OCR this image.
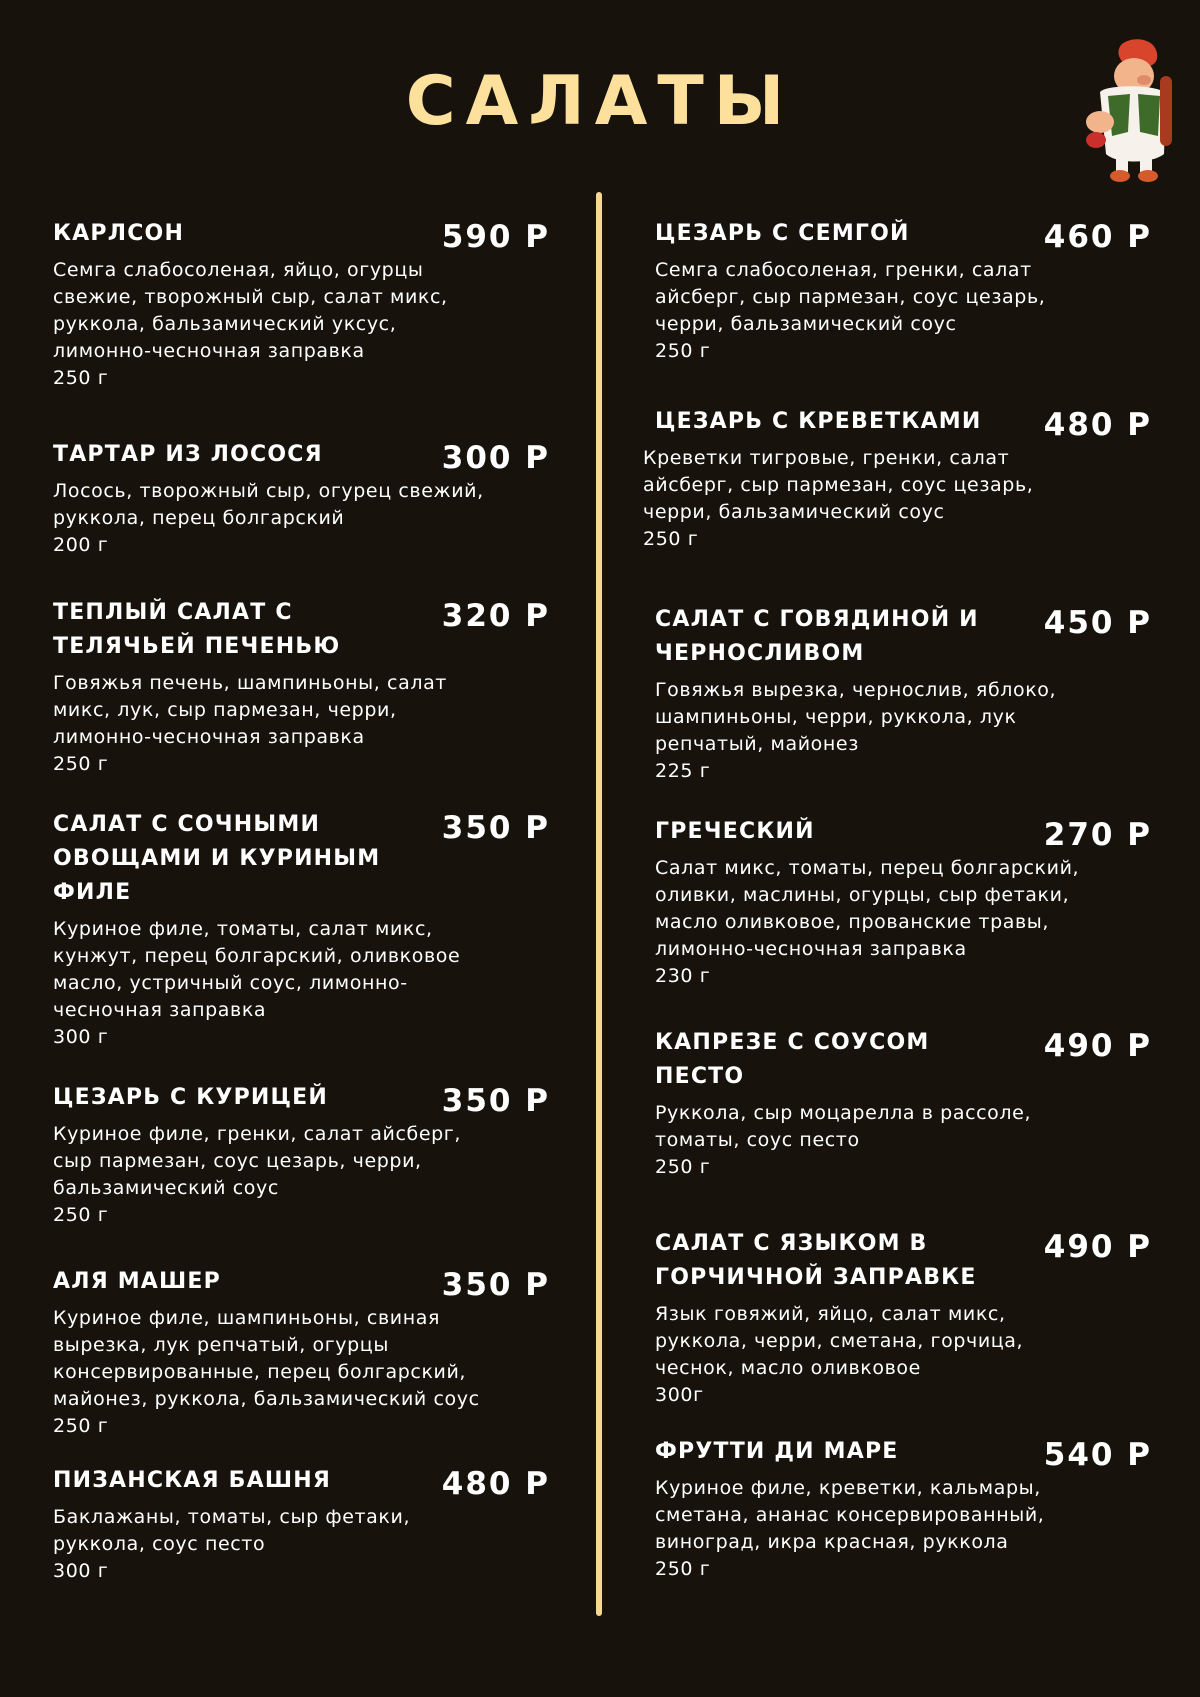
САЛАТЫ
КАРЛСОН	590 Р
Семга слабосоленая, яйцо, огурцы
свежие, творожный сыр, салат микс,
руккола, бальзамический уксус,
лимонно-чесночная заправка
250 г
ТАРТАР ИЗ ЛОСОСЯ	300 Р
Лосось, творожный сыр, огурец свежий,
руккола, перец болгарский
200 г
ТЕПЛЫЙ САЛАТ С
ТЕЛЯЧЬЕЙ ПЕЧЕНЬЮ
320 Р
Говяжья печень, шампиньоны, салат
микс, лук, сыр пармезан, черри,
лимонно-чесночная заправка
250 г
САЛАТ С СОЧНЫМИ
ОВОЩАМИ И КУРИНЫМ
ФИЛЕ
350 Р
Куриное филе, томаты, салат микс,
кунжут, перец болгарский, оливковое
масло, устричный соус, лимонно-
чесночная заправка
300 г
ЦЕЗАРЬ С КУРИЦЕЙ	350 Р
Куриное филе, гренки, салат айсберг,
сыр пармезан, соус цезарь, черри,
бальзамический соус
250 г
АЛЯ МАШЕР	350 Р
Куриное филе, шампиньоны, свиная
вырезка, лук репчатый, огурцы
консервированные, перец болгарский,
майонез, руккола, бальзамический соус
250 г
ПИЗАНСКАЯ БАШНЯ	480 Р
Баклажаны, томаты, сыр фетаки,
руккола, соус песто
300 г
ЦЕЗАРЬ С СЕМГОЙ	460 Р
Семга слабосоленая, гренки, салат
айсберг, сыр пармезан, соус цезарь,
черри, бальзамический соус
250 г
ЦЕЗАРЬ С КРЕВЕТКАМИ	480 Р
Креветки тигровые, гренки, салат
айсберг, сыр пармезан, соус цезарь,
черри, бальзамический соус
250 г
САЛАТ С ГОВЯДИНОЙ И
ЧЕРНОСЛИВОМ
450 Р
Говяжья вырезка, чернослив, яблоко,
шампиньоны, черри, руккола, лук
репчатый, майонез
225 г
ГРЕЧЕСКИЙ	270 Р
Салат микс, томаты, перец болгарский,
оливки, маслины, огурцы, сыр фетаки,
масло оливковое, прованские травы,
лимонно-чесночная заправка
230 г
КАПРЕЗЕ С СОУСОМ
ПЕСТО
490 Р
Руккола, сыр моцарелла в рассоле,
томаты, соус песто
250 г
САЛАТ С ЯЗЫКОМ В
ГОРЧИЧНОЙ ЗАПРАВКЕ
490 Р
Язык говяжий, яйцо, салат микс,
руккола, черри, сметана, горчица,
чеснок, масло оливковое
300г
ФРУТТИ ДИ МАРЕ	540 Р
Куриное филе, креветки, кальмары,
сметана, ананас консервированный,
виноград, икра красная, руккола
250 г
